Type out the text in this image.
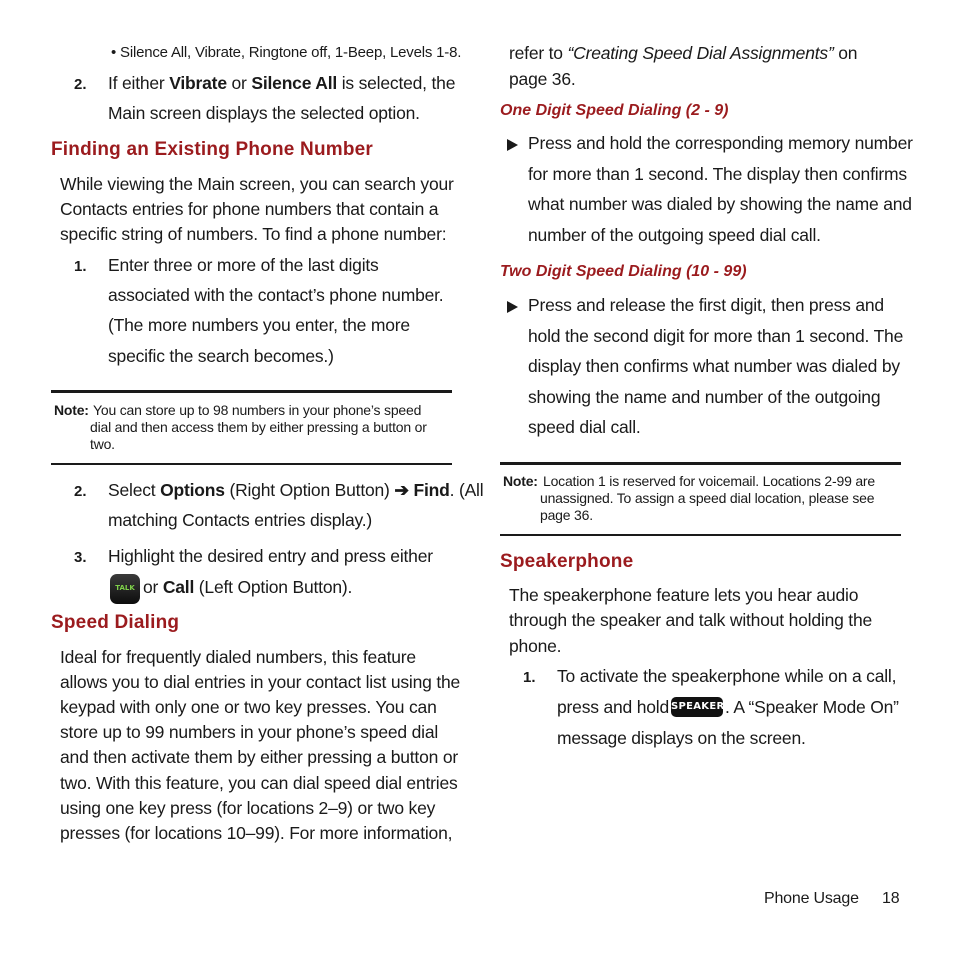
• Silence All, Vibrate, Ringtone off, 1-Beep, Levels 1-8.
2. If either Vibrate or Silence All is selected, the
Main screen displays the selected option.
Finding an Existing Phone Number
While viewing the Main screen, you can search your
Contacts entries for phone numbers that contain a
specific string of numbers. To find a phone number:
1. Enter three or more of the last digits
associated with the contact’s phone number.
(The more numbers you enter, the more
specific the search becomes.)
Note: You can store up to 98 numbers in your phone’s speed
dial and then access them by either pressing a button or
two.
2. Select Options (Right Option Button) ➔ Find. (All
matching Contacts entries display.)
3. Highlight the desired entry and press either
TALK or Call (Left Option Button).
Speed Dialing
Ideal for frequently dialed numbers, this feature
allows you to dial entries in your contact list using the
keypad with only one or two key presses. You can
store up to 99 numbers in your phone’s speed dial
and then activate them by either pressing a button or
two. With this feature, you can dial speed dial entries
using one key press (for locations 2–9) or two key
presses (for locations 10–99). For more information,
refer to “Creating Speed Dial Assignments” on
page 36.
One Digit Speed Dialing (2 - 9)
Press and hold the corresponding memory number
for more than 1 second. The display then confirms
what number was dialed by showing the name and
number of the outgoing speed dial call.
Two Digit Speed Dialing (10 - 99)
Press and release the first digit, then press and
hold the second digit for more than 1 second. The
display then confirms what number was dialed by
showing the name and number of the outgoing
speed dial call.
Note: Location 1 is reserved for voicemail. Locations 2-99 are
unassigned. To assign a speed dial location, please see
page 36.
Speakerphone
The speakerphone feature lets you hear audio
through the speaker and talk without holding the
phone.
1. To activate the speakerphone while on a call,
press and hold SPEAKER . A “Speaker Mode On”
message displays on the screen.
Phone Usage 18
